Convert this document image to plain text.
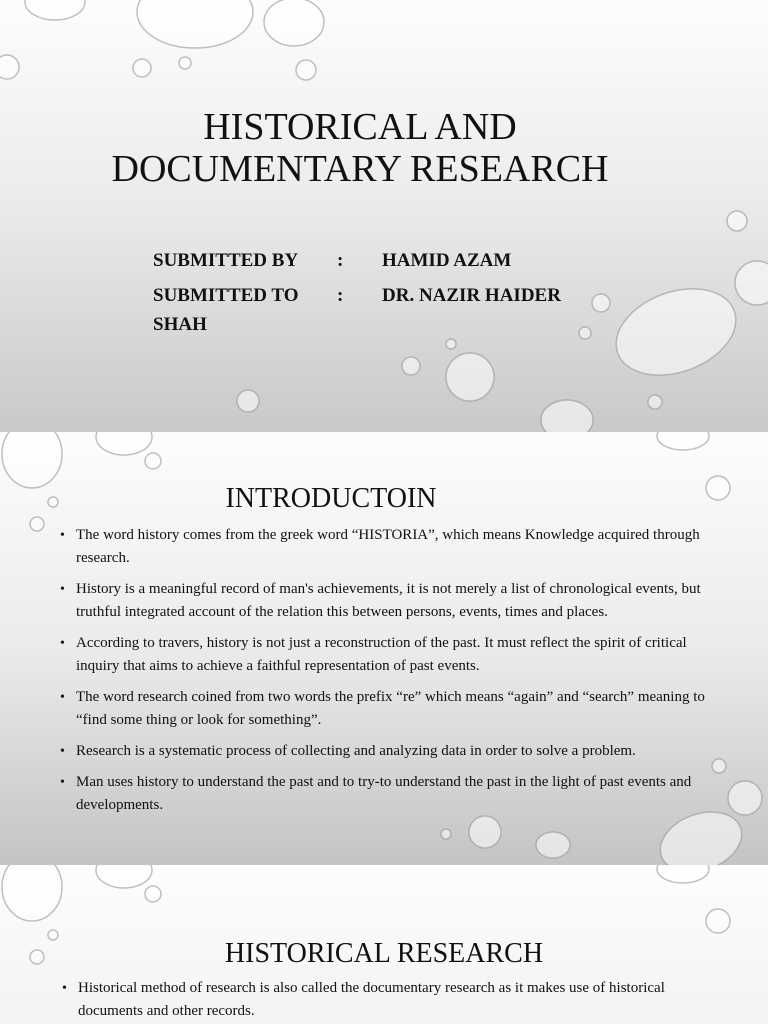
HISTORICAL AND DOCUMENTARY RESEARCH
SUBMITTED BY	: HAMID AZAM
SUBMITTED TO	: DR. NAZIR HAIDER
SHAH
INTRODUCTOIN
• The word history comes from the greek word “HISTORIA”, which means Knowledge acquired through research.
• History is a meaningful record of man's achievements, it is not merely a list of chronological events, but truthful integrated account of the relation this between persons, events, times and places.
• According to travers, history is not just a reconstruction of the past. It must reflect the spirit of critical inquiry that aims to achieve a faithful representation of past events.
• The word research coined from two words the prefix “re” which means “again” and “search” meaning to “find some thing or look for something”.
• Research is a systematic process of collecting and analyzing data in order to solve a problem.
• Man uses history to understand the past and to try-to understand the past in the light of past events and developments.
HISTORICAL RESEARCH
• Historical method of research is also called the documentary research as it makes use of historical documents and other records.
